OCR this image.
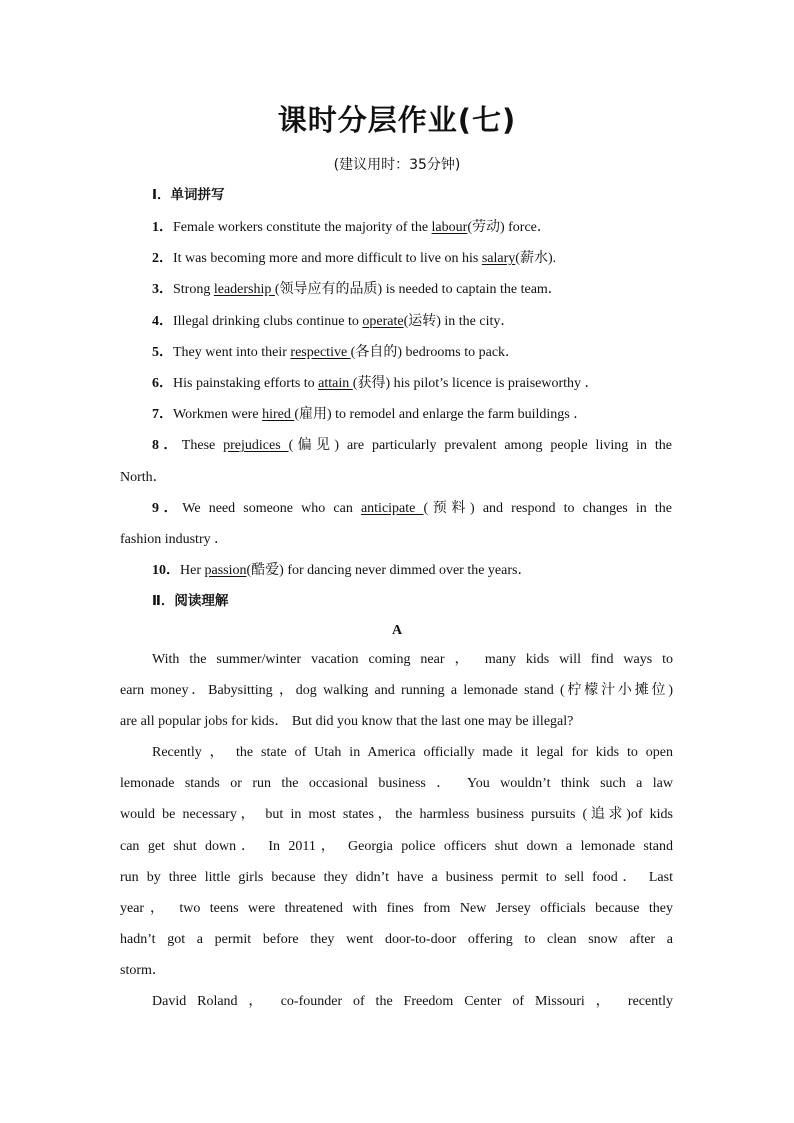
课时分层作业(七)
(建议用时：35分钟)
Ⅰ．单词拼写
1．Female workers constitute the majority of the labour(劳动) force．
2．It was becoming more and more difficult to live on his salary(薪水).
3．Strong leadership (领导应有的品质) is needed to captain the team．
4．Illegal drinking clubs continue to operate(运转) in the city．
5．They went into their respective (各自的) bedrooms to pack．
6．His painstaking efforts to attain (获得) his pilot’s licence is praiseworthy ．
7．Workmen were hired (雇用) to remodel and enlarge the farm buildings ．
8．These prejudices (偏见) are particularly prevalent among people living in the
North．
9．We need someone who can anticipate (预料) and respond to changes in the
fashion industry ．
10．Her passion(酷爱) for dancing never dimmed over the years．
Ⅱ．阅读理解
A
With the summer/winter vacation coming near ， many kids will find ways to
earn money．Babysitting ，dog walking and running a lemonade stand (柠檬汁小摊位)
are all popular jobs for kids． But did you know that the last one may be illegal?
Recently ， the state of Utah in America officially made it legal for kids to open
lemonade stands or run the occasional business ． You wouldn’t think such a law
would be necessary， but in most states，the harmless business pursuits (追求)of kids
can get shut down． In 2011， Georgia police officers shut down a lemonade stand
run by three little girls because they didn’t have a business permit to sell food． Last
year， two teens were threatened with fines from New Jersey officials because they
hadn’t got a permit before they went door-to-door offering to clean snow after a
storm．
David Roland ， co-founder of the Freedom Center of Missouri ， recently
